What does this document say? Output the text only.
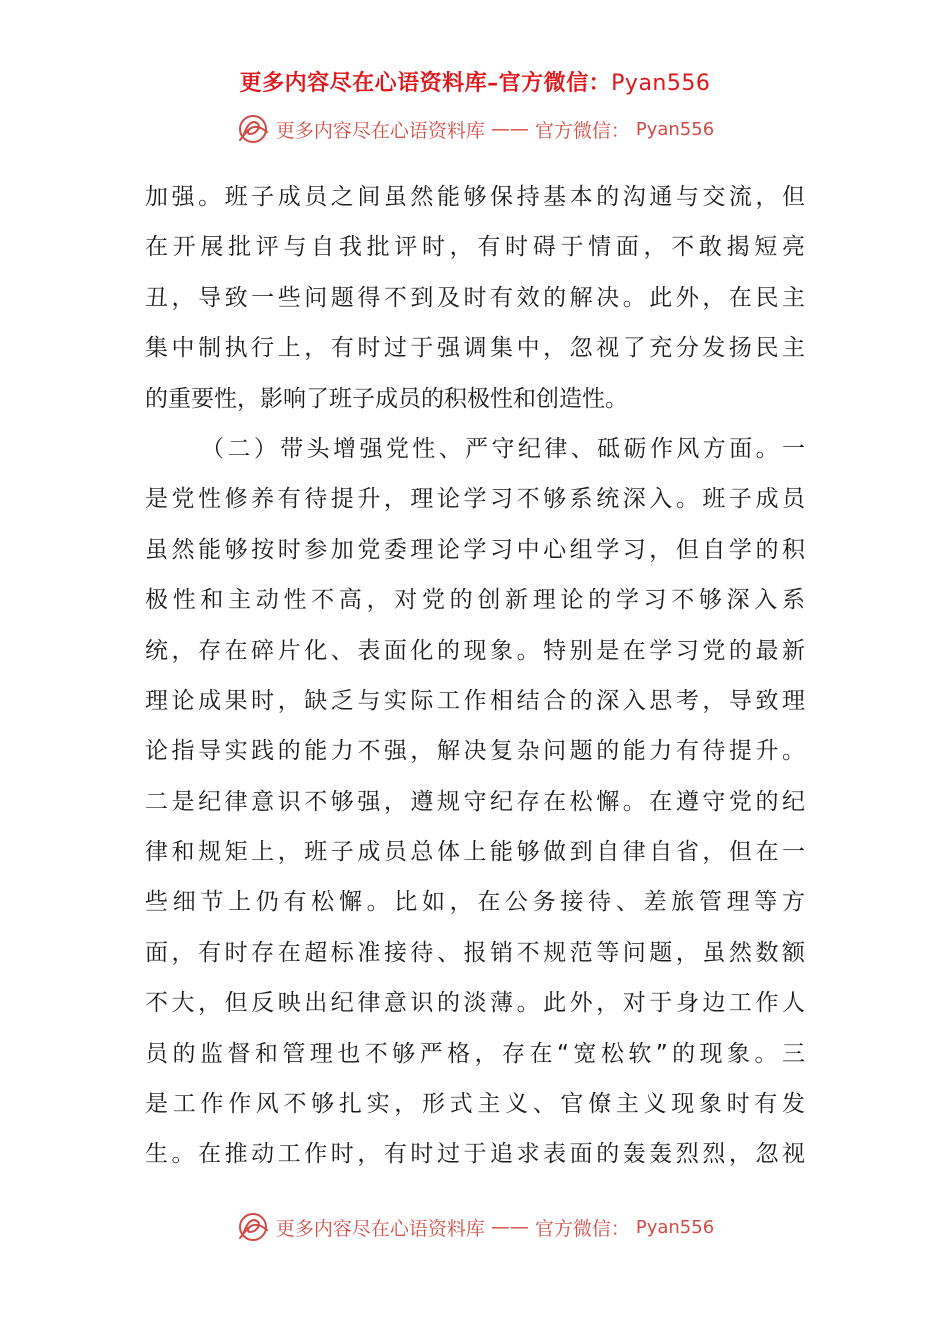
更多内容尽在心语资料库–官方微信：Pyan556
更多内容尽在心语资料库 —— 官方微信： Pyan556
加强。班子成员之间虽然能够保持基本的沟通与交流，但
在开展批评与自我批评时，有时碍于情面，不敢揭短亮
丑，导致一些问题得不到及时有效的解决。此外，在民主
集中制执行上，有时过于强调集中，忽视了充分发扬民主
的重要性，影响了班子成员的积极性和创造性。
（二）带头增强党性、严守纪律、砥砺作风方面。一
是党性修养有待提升，理论学习不够系统深入。班子成员
虽然能够按时参加党委理论学习中心组学习，但自学的积
极性和主动性不高，对党的创新理论的学习不够深入系
统，存在碎片化、表面化的现象。特别是在学习党的最新
理论成果时，缺乏与实际工作相结合的深入思考，导致理
论指导实践的能力不强，解决复杂问题的能力有待提升。
二是纪律意识不够强，遵规守纪存在松懈。在遵守党的纪
律和规矩上，班子成员总体上能够做到自律自省，但在一
些细节上仍有松懈。比如，在公务接待、差旅管理等方
面，有时存在超标准接待、报销不规范等问题，虽然数额
不大，但反映出纪律意识的淡薄。此外，对于身边工作人
员的监督和管理也不够严格，存在“宽松软”的现象。三
是工作作风不够扎实，形式主义、官僚主义现象时有发
生。在推动工作时，有时过于追求表面的轰轰烈烈，忽视
更多内容尽在心语资料库 —— 官方微信： Pyan556
